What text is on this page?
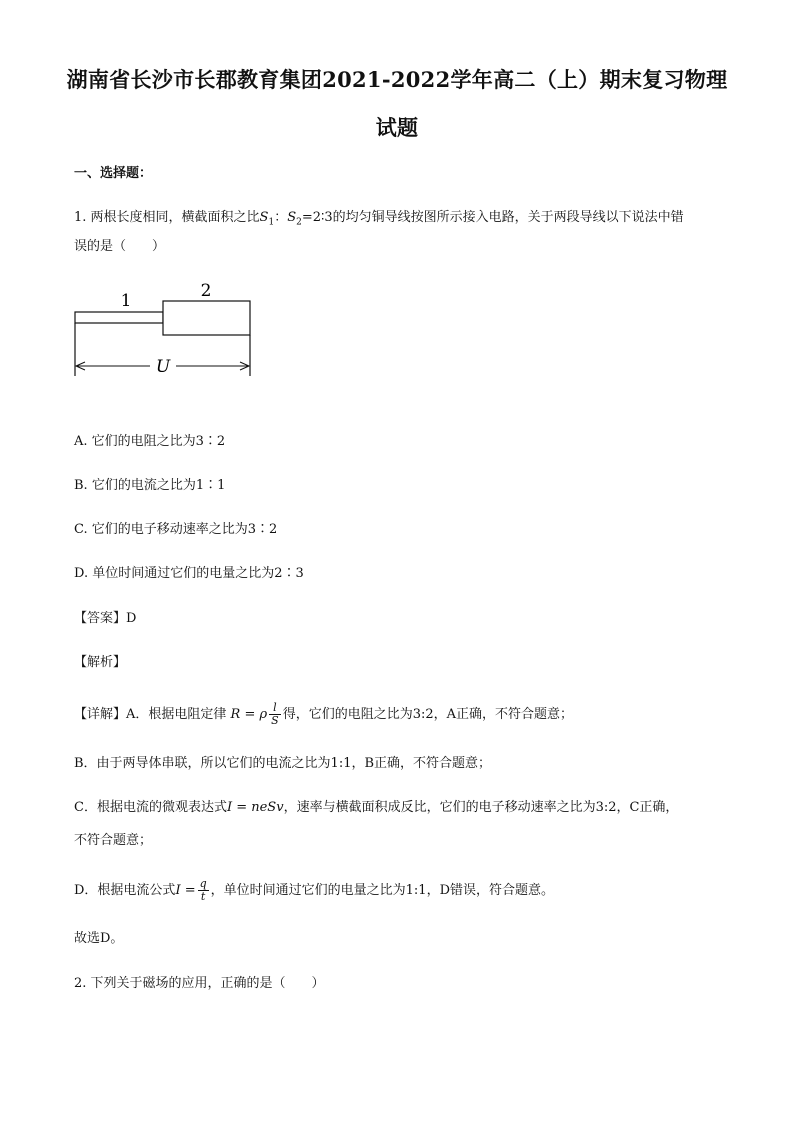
湖南省长沙市长郡教育集团2021-2022学年高二（上）期末复习物理
试题
一、选择题：
1. 两根长度相同，横截面积之比$S_1$：$S_2=2∶3$的均匀铜导线按图所示接入电路，关于两段导线以下说法中错
误的是（　　）
1	2
U
A. 它们的电阻之比为3∶2
B. 它们的电流之比为1∶1
C. 它们的电子移动速率之比为3∶2
D. 单位时间通过它们的电量之比为2∶3
【答案】D
【解析】
【详解】A．根据电阻定律 R = ρ $\frac{l}{S}$ 得，它们的电阻之比为3:2，A正确，不符合题意；
B．由于两导体串联，所以它们的电流之比为1:1，B正确，不符合题意；
C．根据电流的微观表达式I = neSv，速率与横截面积成反比，它们的电子移动速率之比为3:2，C正确，
不符合题意；
D．根据电流公式$I = \frac{q}{t}$ ，单位时间通过它们的电量之比为1:1，D错误，符合题意。
故选D。
2. 下列关于磁场的应用，正确的是（　　）
